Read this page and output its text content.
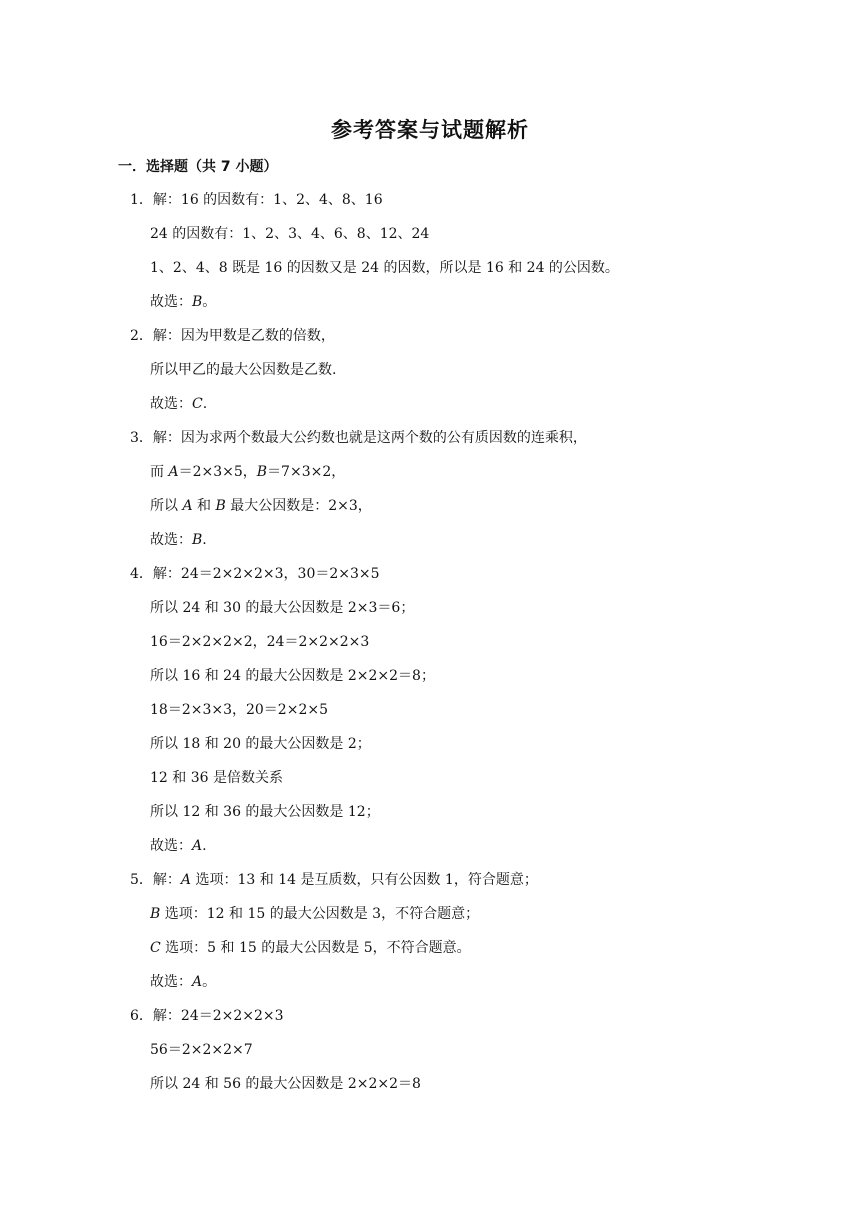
参考答案与试题解析
一．选择题（共 7 小题）
1．解：16 的因数有：1、2、4、8、16
24 的因数有：1、2、3、4、6、8、12、24
1、2、4、8 既是 16 的因数又是 24 的因数，所以是 16 和 24 的公因数。
故选：B。
2．解：因为甲数是乙数的倍数，
所以甲乙的最大公因数是乙数.
故选：C.
3．解：因为求两个数最大公约数也就是这两个数的公有质因数的连乘积，
而 A＝2×3×5，B＝7×3×2，
所以 A 和 B 最大公因数是：2×3，
故选：B.
4．解：24＝2×2×2×3，30＝2×3×5
所以 24 和 30 的最大公因数是 2×3＝6；
16＝2×2×2×2，24＝2×2×2×3
所以 16 和 24 的最大公因数是 2×2×2＝8；
18＝2×3×3，20＝2×2×5
所以 18 和 20 的最大公因数是 2；
12 和 36 是倍数关系
所以 12 和 36 的最大公因数是 12；
故选：A.
5．解：A 选项：13 和 14 是互质数，只有公因数 1，符合题意；
B 选项：12 和 15 的最大公因数是 3，不符合题意；
C 选项：5 和 15 的最大公因数是 5，不符合题意。
故选：A。
6．解：24＝2×2×2×3
56＝2×2×2×7
所以 24 和 56 的最大公因数是 2×2×2＝8
